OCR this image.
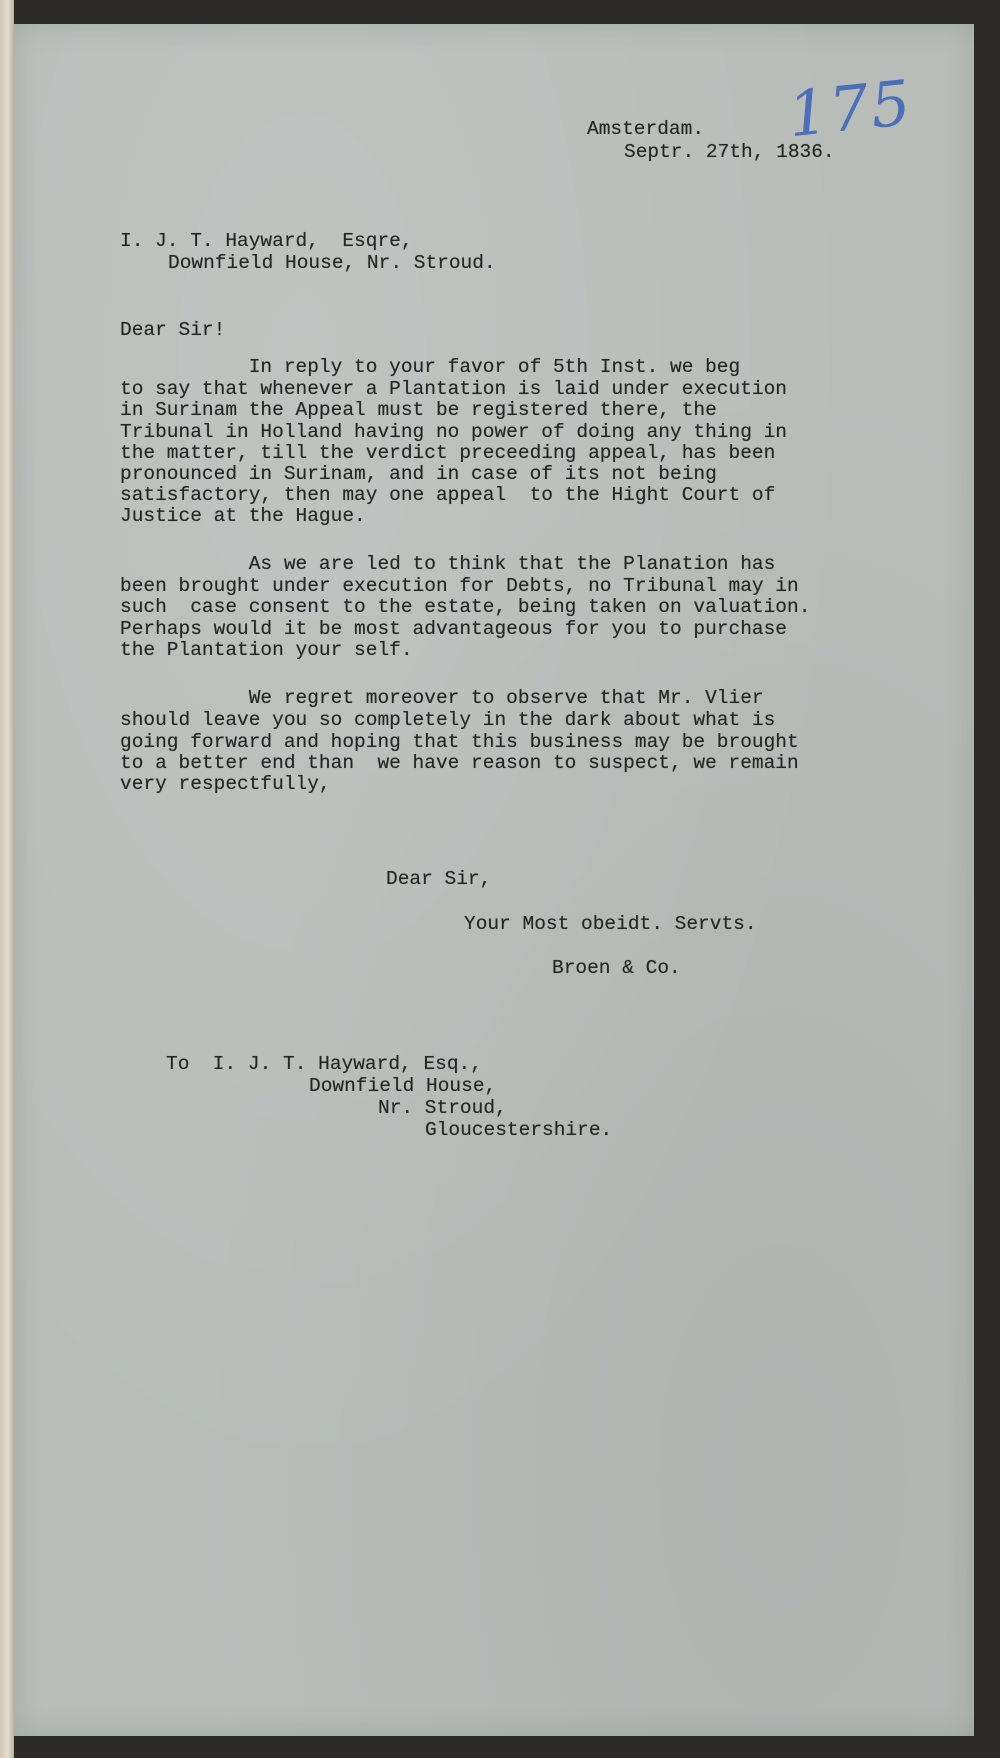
175

Amsterdam.

Septr. 27th, 1836.

I. J. T. Hayward,  Esqre,

Downfield House, Nr. Stroud.

Dear Sir!

In reply to your favor of 5th Inst. we beg

to say that whenever a Plantation is laid under execution

in Surinam the Appeal must be registered there, the

Tribunal in Holland having no power of doing any thing in

the matter, till the verdict preceeding appeal, has been

pronounced in Surinam, and in case of its not being

satisfactory, then may one appeal  to the Hight Court of

Justice at the Hague.

As we are led to think that the Planation has

been brought under execution for Debts, no Tribunal may in

such  case consent to the estate, being taken on valuation.

Perhaps would it be most advantageous for you to purchase

the Plantation your self.

We regret moreover to observe that Mr. Vlier

should leave you so completely in the dark about what is

going forward and hoping that this business may be brought

to a better end than  we have reason to suspect, we remain

very respectfully,

Dear Sir,

Your Most obeidt. Servts.

Broen & Co.

To  I. J. T. Hayward, Esq.,

Downfield House,

Nr. Stroud,

Gloucestershire.
